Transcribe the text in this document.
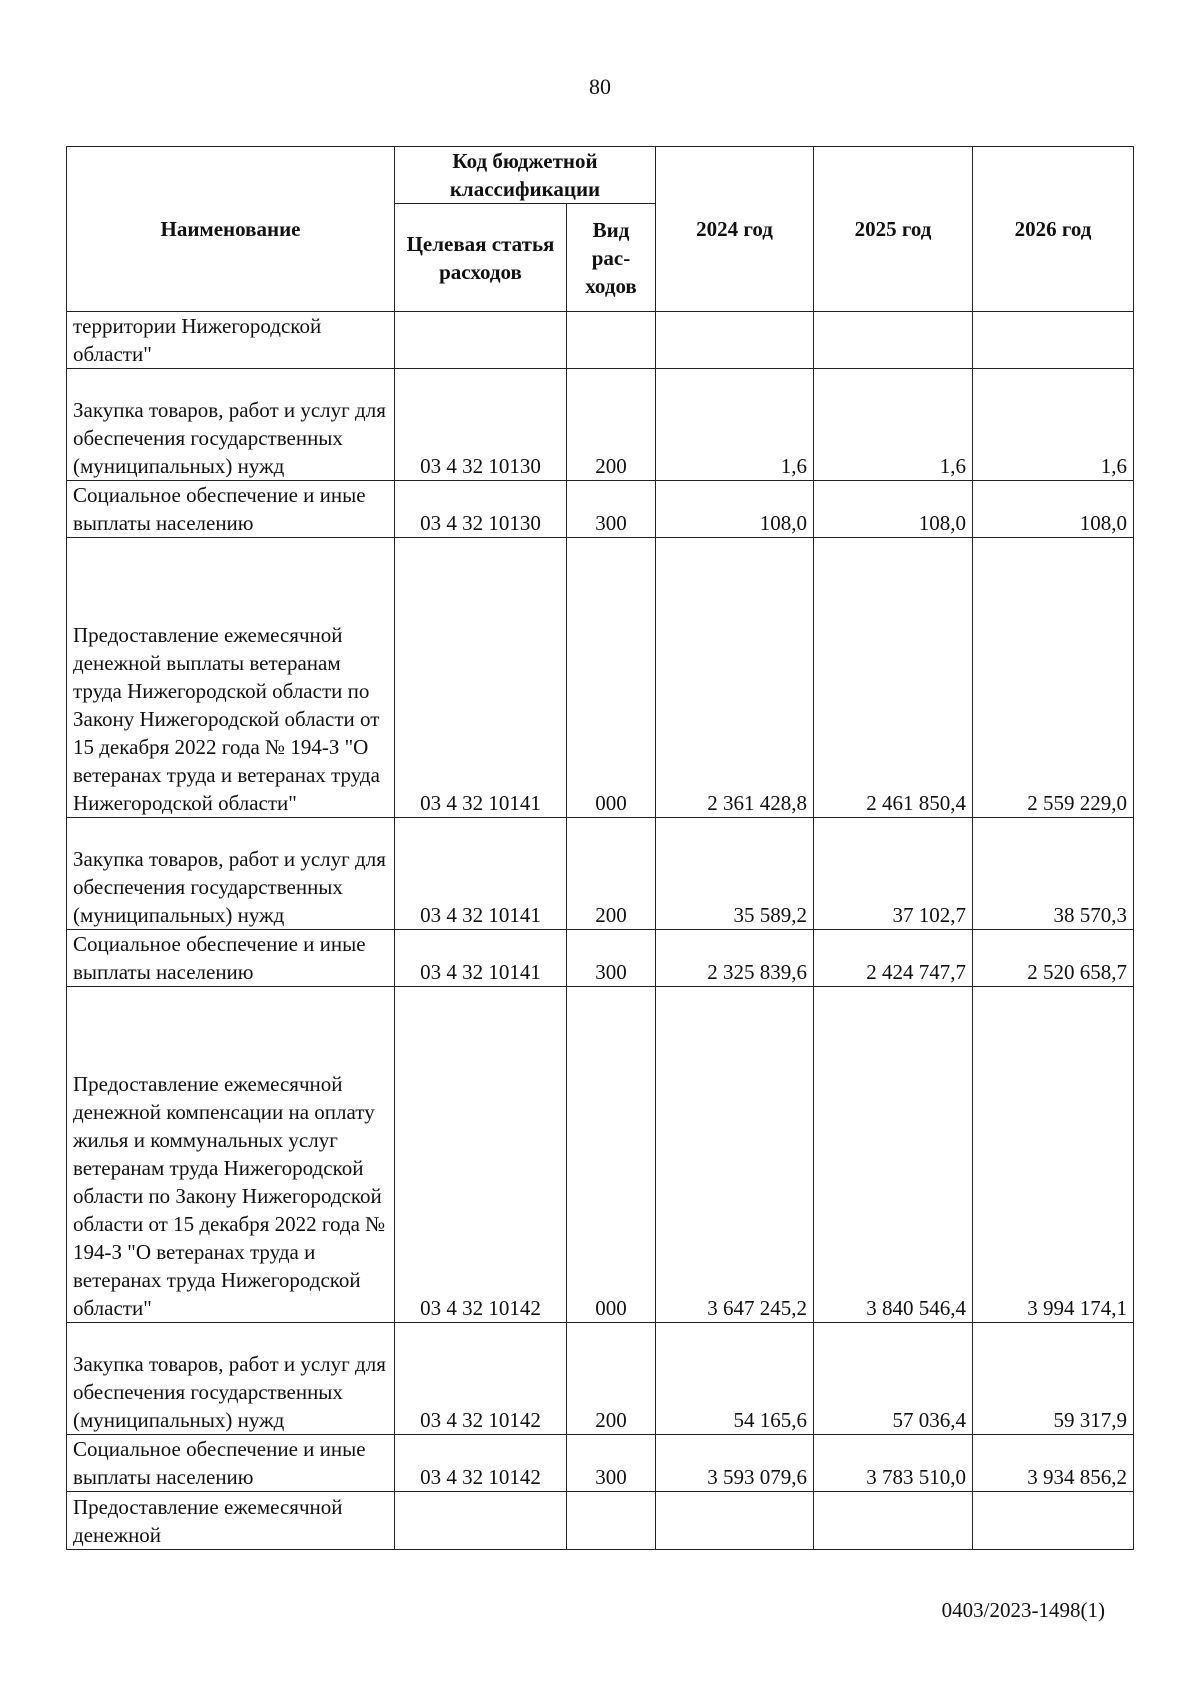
80
Наименование	Код бюджетной классификации		2024 год	2025 год	2026 год
	Целевая статья расходов	Вид рас-ходов			
территории Нижегородской области"					
Закупка товаров, работ и услуг для обеспечения государственных (муниципальных) нужд	03 4 32 10130	200	1,6	1,6	1,6
Социальное обеспечение и иные выплаты населению	03 4 32 10130	300	108,0	108,0	108,0
Предоставление ежемесячной денежной выплаты ветеранам труда Нижегородской области по Закону Нижегородской области от 15 декабря 2022 года № 194-З "О ветеранах труда и ветеранах труда Нижегородской области"	03 4 32 10141	000	2 361 428,8	2 461 850,4	2 559 229,0
Закупка товаров, работ и услуг для обеспечения государственных (муниципальных) нужд	03 4 32 10141	200	35 589,2	37 102,7	38 570,3
Социальное обеспечение и иные выплаты населению	03 4 32 10141	300	2 325 839,6	2 424 747,7	2 520 658,7
Предоставление ежемесячной денежной компенсации на оплату жилья и коммунальных услуг ветеранам труда Нижегородской области по Закону Нижегородской области от 15 декабря 2022 года № 194-З "О ветеранах труда и ветеранах труда Нижегородской области"	03 4 32 10142	000	3 647 245,2	3 840 546,4	3 994 174,1
Закупка товаров, работ и услуг для обеспечения государственных (муниципальных) нужд	03 4 32 10142	200	54 165,6	57 036,4	59 317,9
Социальное обеспечение и иные выплаты населению	03 4 32 10142	300	3 593 079,6	3 783 510,0	3 934 856,2
Предоставление ежемесячной денежной					
0403/2023-1498(1)
